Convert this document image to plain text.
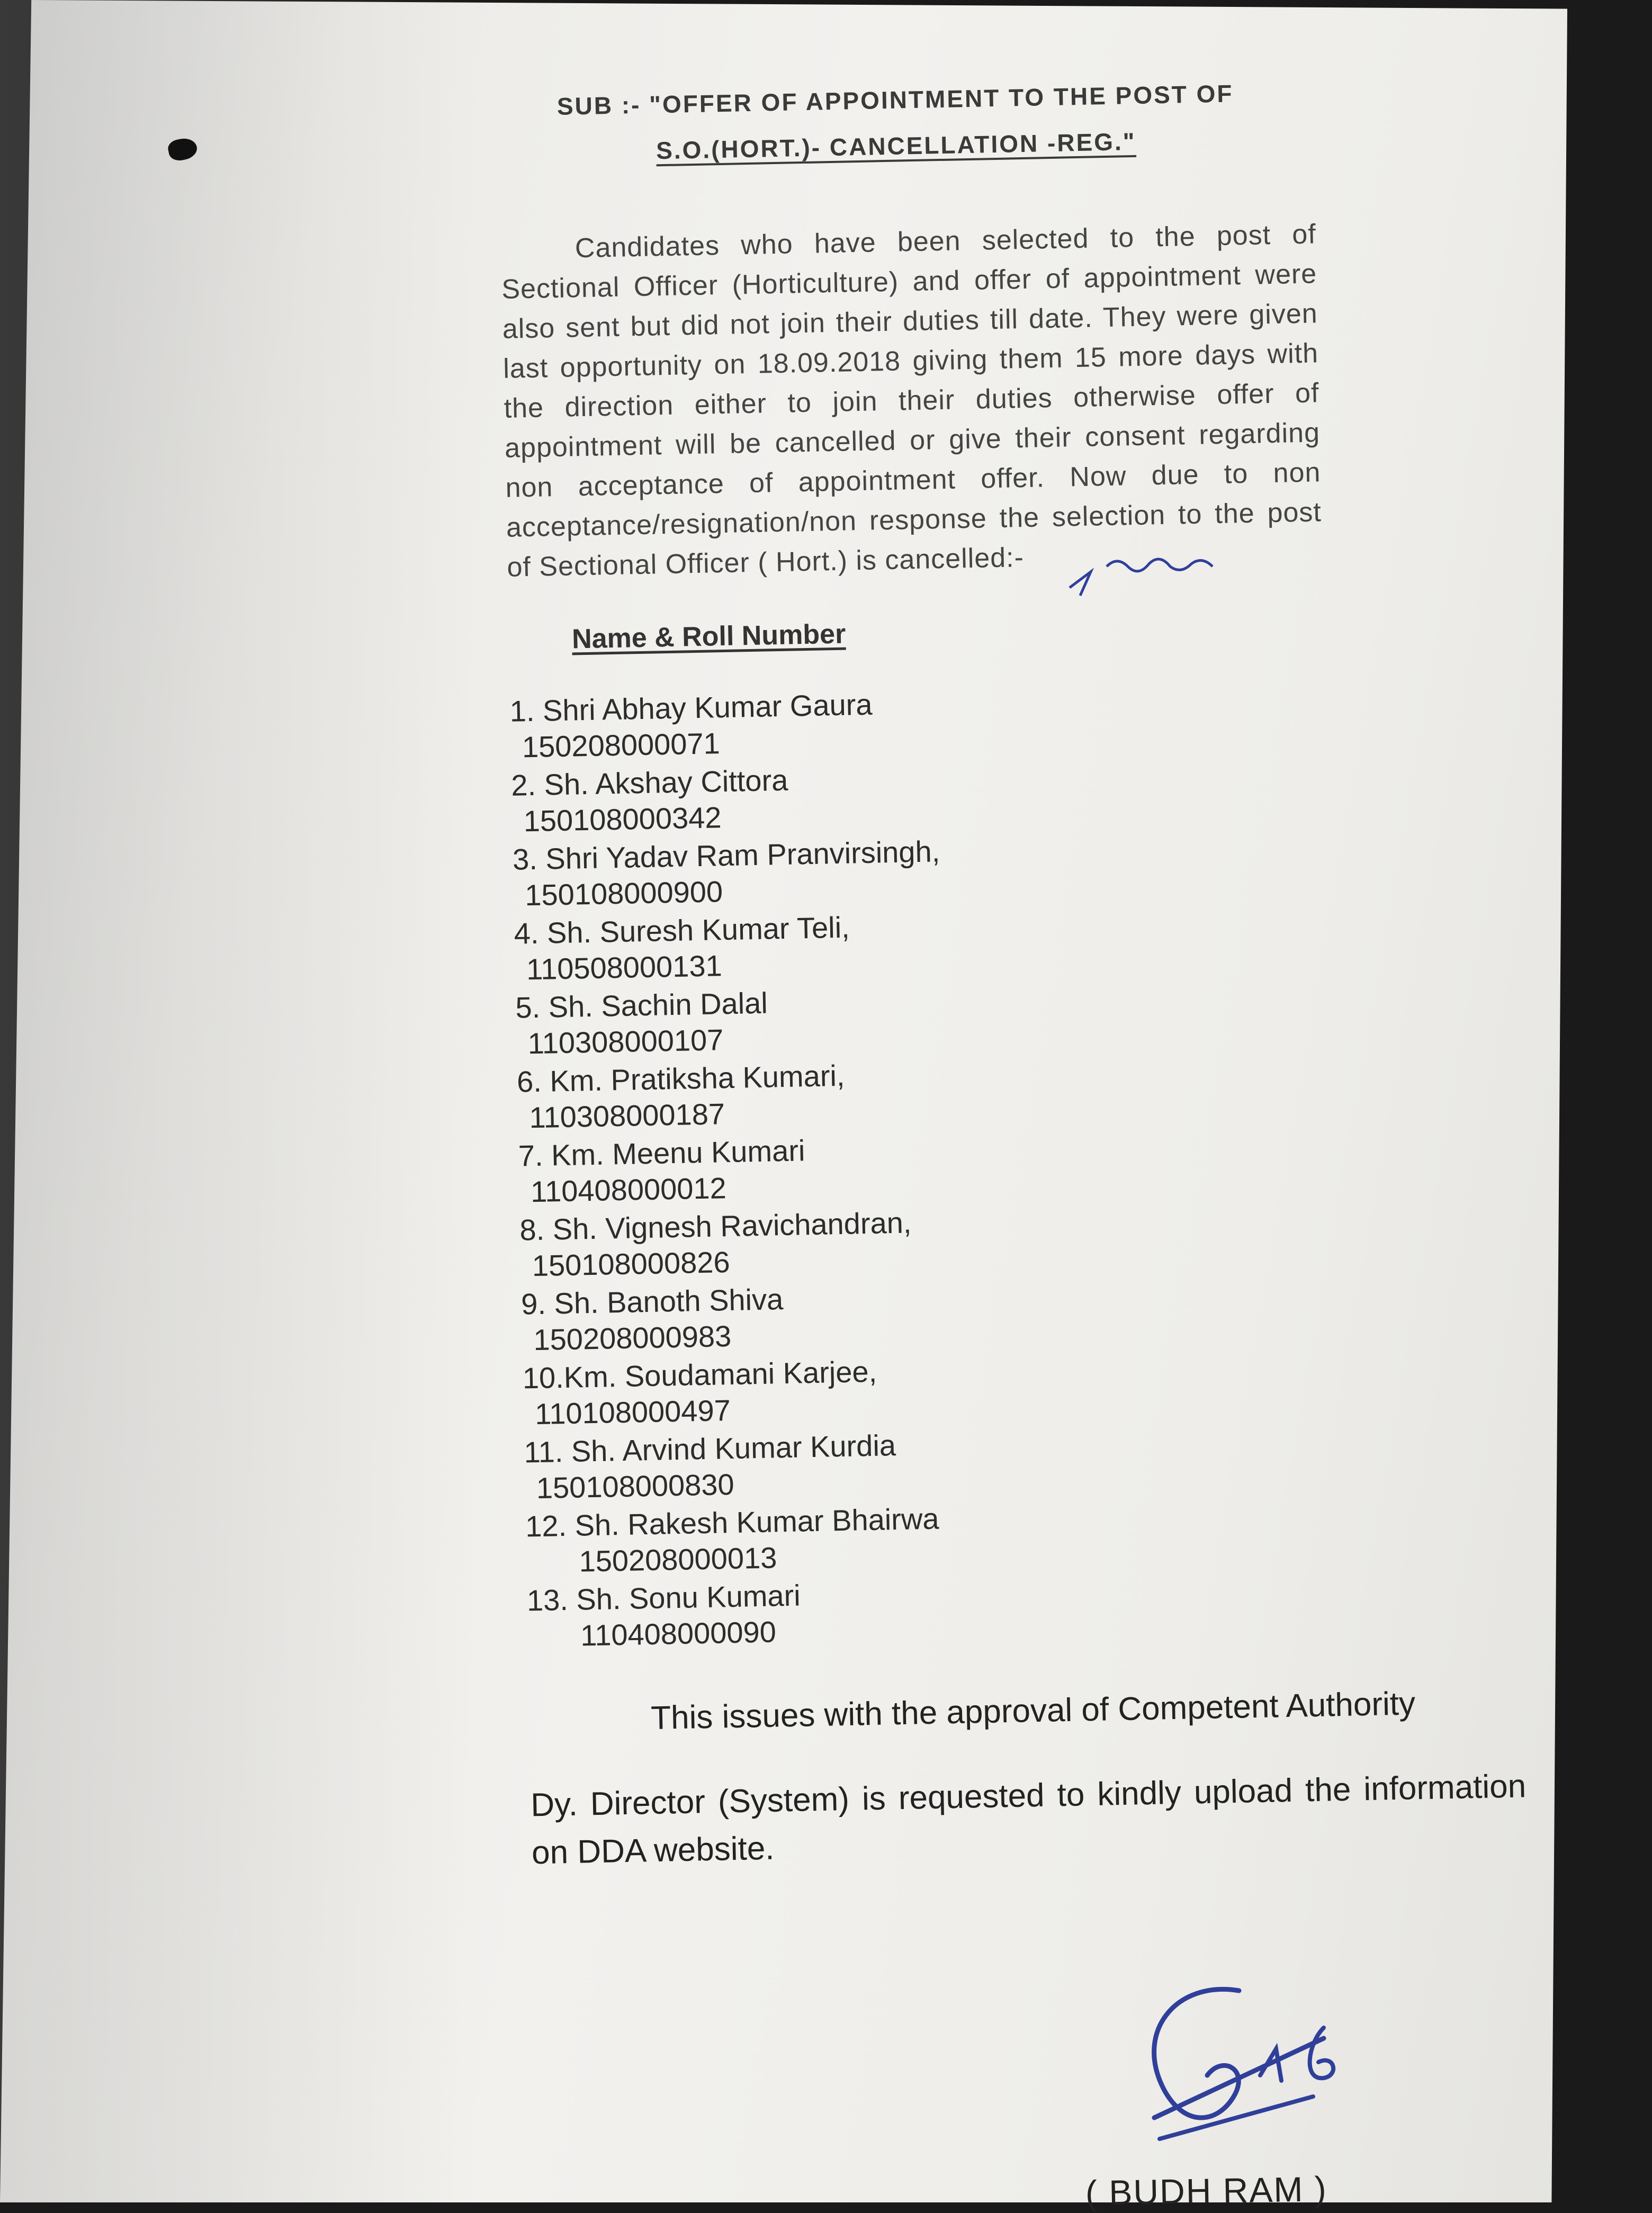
SUB :- "OFFER OF APPOINTMENT TO THE POST OF
S.O.(HORT.)- CANCELLATION -REG."
Candidates who have been selected to the post of Sectional Officer (Horticulture) and offer of appointment were also sent but did not join their duties till date. They were given last opportunity on 18.09.2018 giving them 15 more days with the direction either to join their duties otherwise offer of appointment will be cancelled or give their consent regarding non acceptance of appointment offer. Now due to non acceptance/resignation/non response the selection to the post of Sectional Officer ( Hort.) is cancelled:-
Name & Roll Number
1. Shri Abhay Kumar Gaura
150208000071
2. Sh. Akshay Cittora
150108000342
3. Shri Yadav Ram Pranvirsingh,
150108000900
4. Sh. Suresh Kumar Teli,
110508000131
5. Sh. Sachin Dalal
110308000107
6. Km. Pratiksha Kumari,
110308000187
7. Km. Meenu Kumari
110408000012
8. Sh. Vignesh Ravichandran,
150108000826
9. Sh. Banoth Shiva
150208000983
10.Km. Soudamani Karjee,
110108000497
11. Sh. Arvind Kumar Kurdia
150108000830
12. Sh. Rakesh Kumar Bhairwa
150208000013
13. Sh. Sonu Kumari
110408000090
This issues with the approval of Competent Authority
Dy. Director (System) is requested to kindly upload the information on DDA website.
( BUDH RAM )
